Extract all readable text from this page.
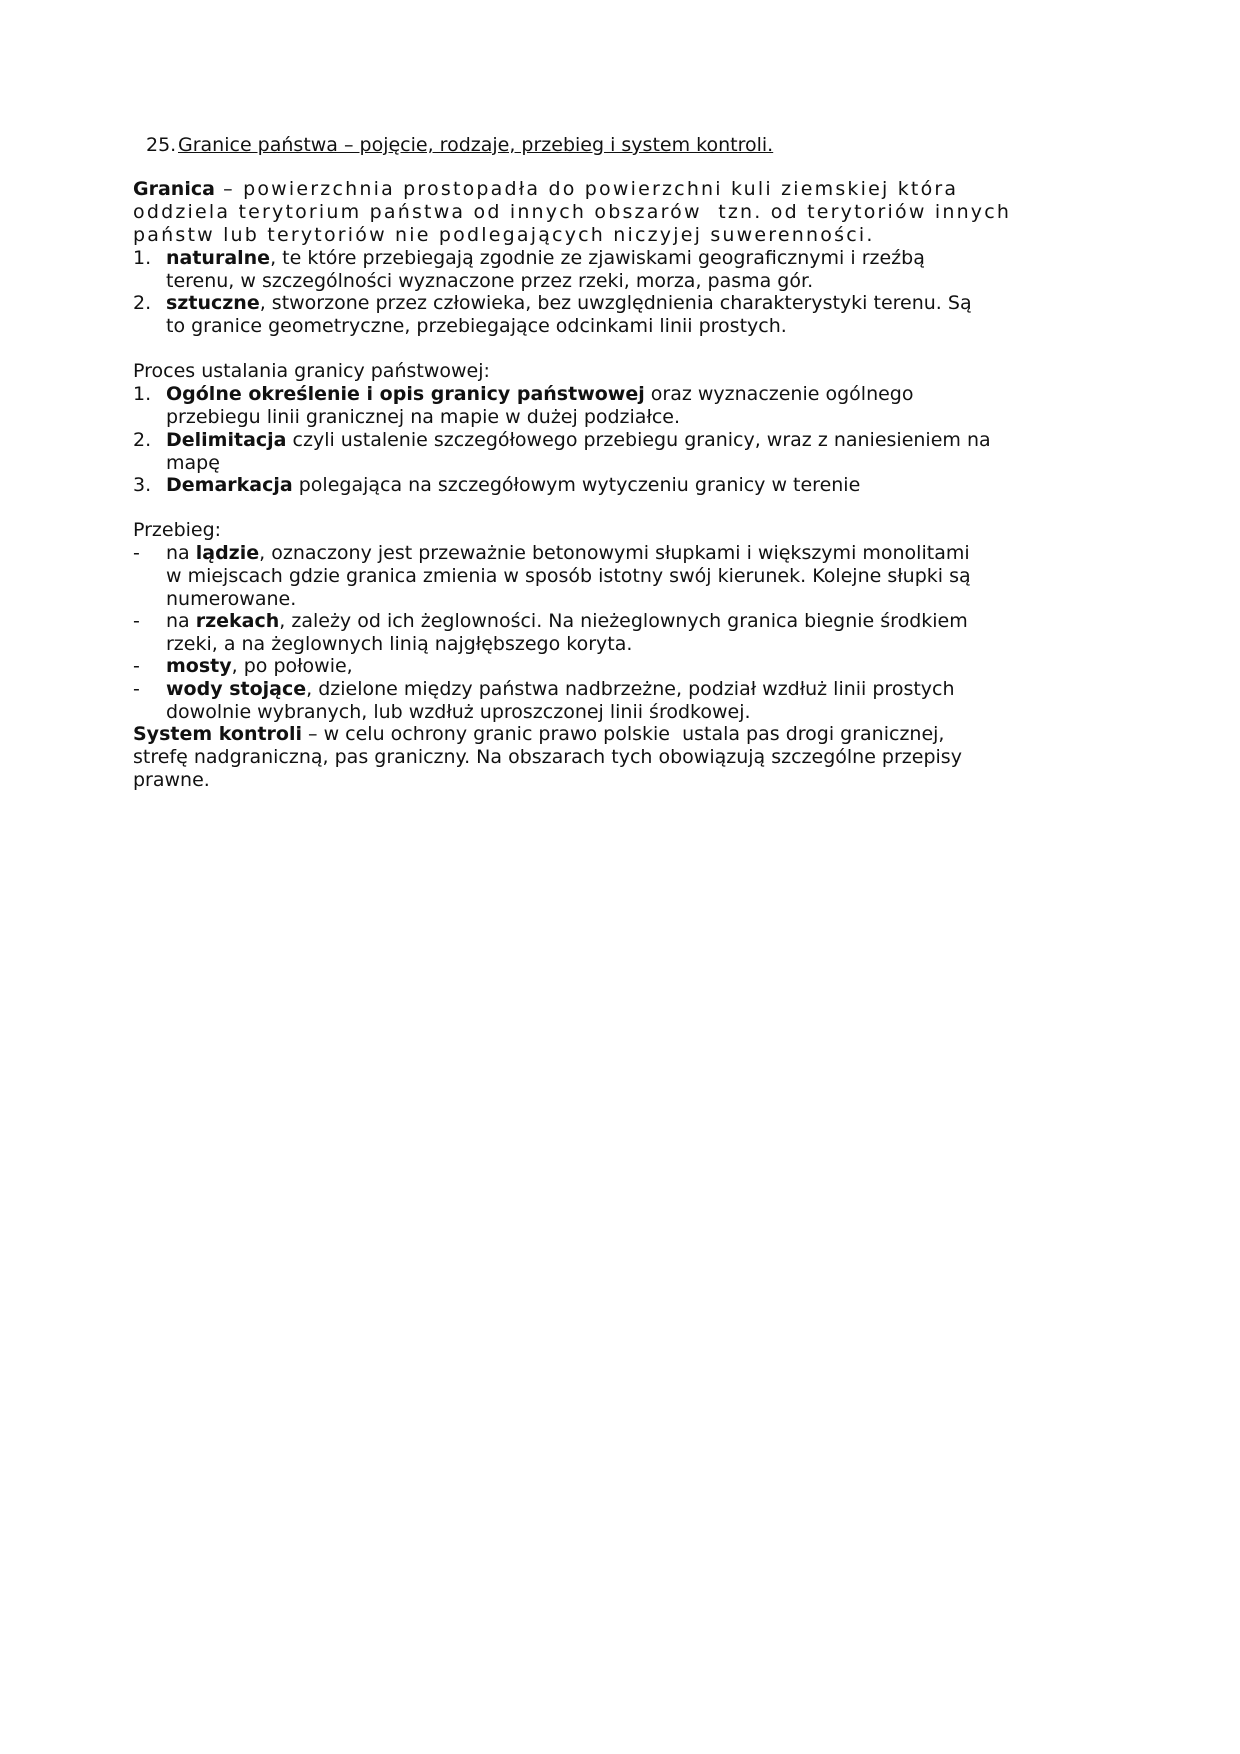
25. Granice państwa – pojęcie, rodzaje, przebieg i system kontroli.
Granica – powierzchnia prostopadła do powierzchni kuli ziemskiej która
oddziela terytorium państwa od innych obszarów  tzn. od terytoriów innych
państw lub terytoriów nie podlegających niczyjej suwerenności.
1. naturalne, te które przebiegają zgodnie ze zjawiskami geograficznymi i rzeźbą
terenu, w szczególności wyznaczone przez rzeki, morza, pasma gór.
2. sztuczne, stworzone przez człowieka, bez uwzględnienia charakterystyki terenu. Są
to granice geometryczne, przebiegające odcinkami linii prostych.
Proces ustalania granicy państwowej:
1. Ogólne określenie i opis granicy państwowej oraz wyznaczenie ogólnego
przebiegu linii granicznej na mapie w dużej podziałce.
2. Delimitacja czyli ustalenie szczegółowego przebiegu granicy, wraz z naniesieniem na
mapę
3. Demarkacja polegająca na szczegółowym wytyczeniu granicy w terenie
Przebieg:
- na lądzie, oznaczony jest przeważnie betonowymi słupkami i większymi monolitami
w miejscach gdzie granica zmienia w sposób istotny swój kierunek. Kolejne słupki są
numerowane.
- na rzekach, zależy od ich żeglowności. Na nieżeglownych granica biegnie środkiem
rzeki, a na żeglownych linią najgłębszego koryta.
- mosty, po połowie,
- wody stojące, dzielone między państwa nadbrzeżne, podział wzdłuż linii prostych
dowolnie wybranych, lub wzdłuż uproszczonej linii środkowej.
System kontroli – w celu ochrony granic prawo polskie  ustala pas drogi granicznej,
strefę nadgraniczną, pas graniczny. Na obszarach tych obowiązują szczególne przepisy
prawne.
